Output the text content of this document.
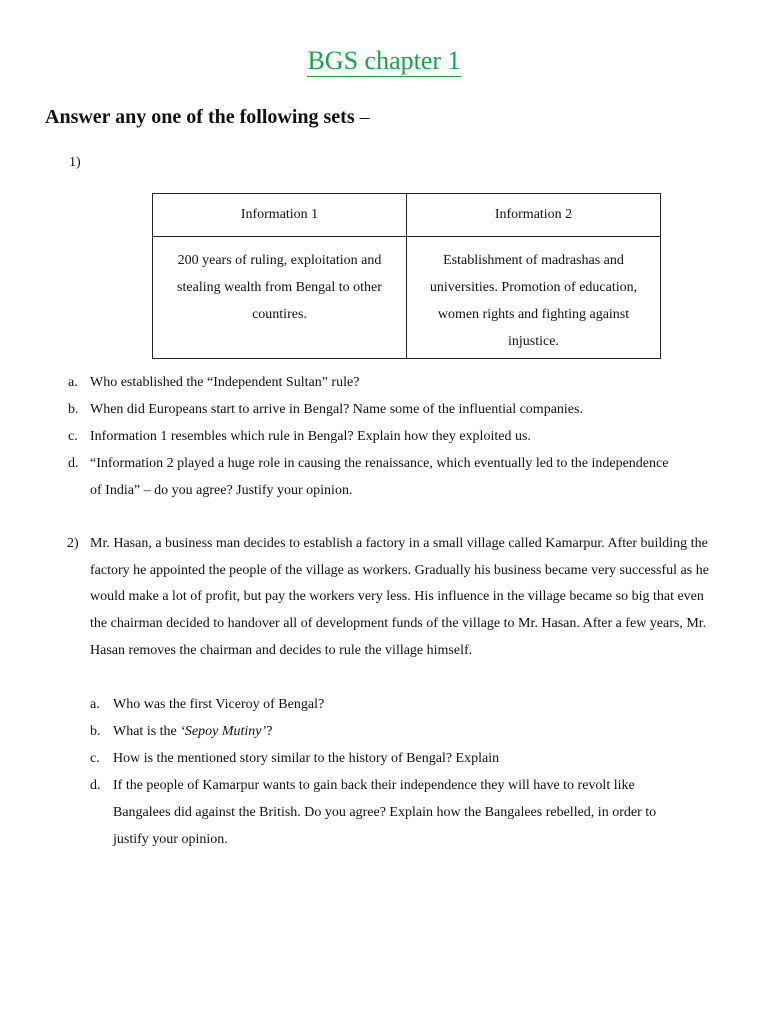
BGS chapter 1
Answer any one of the following sets –
1)
Information 1	Information 2
200 years of ruling, exploitation and stealing wealth from Bengal to other countires.	Establishment of madrashas and universities. Promotion of education, women rights and fighting against injustice.
a. Who established the “Independent Sultan” rule?
b. When did Europeans start to arrive in Bengal? Name some of the influential companies.
c. Information 1 resembles which rule in Bengal? Explain how they exploited us.
d. “Information 2 played a huge role in causing the renaissance, which eventually led to the independence
of India” – do you agree? Justify your opinion.
2) Mr. Hasan, a business man decides to establish a factory in a small village called Kamarpur. After building the factory he appointed the people of the village as workers. Gradually his business became very successful as he would make a lot of profit, but pay the workers very less. His influence in the village became so big that even the chairman decided to handover all of development funds of the village to Mr. Hasan. After a few years, Mr. Hasan removes the chairman and decides to rule the village himself.
a. Who was the first Viceroy of Bengal?
b. What is the ‘Sepoy Mutiny’?
c. How is the mentioned story similar to the history of Bengal? Explain
d. If the people of Kamarpur wants to gain back their independence they will have to revolt like
Bangalees did against the British. Do you agree? Explain how the Bangalees rebelled, in order to
justify your opinion.
